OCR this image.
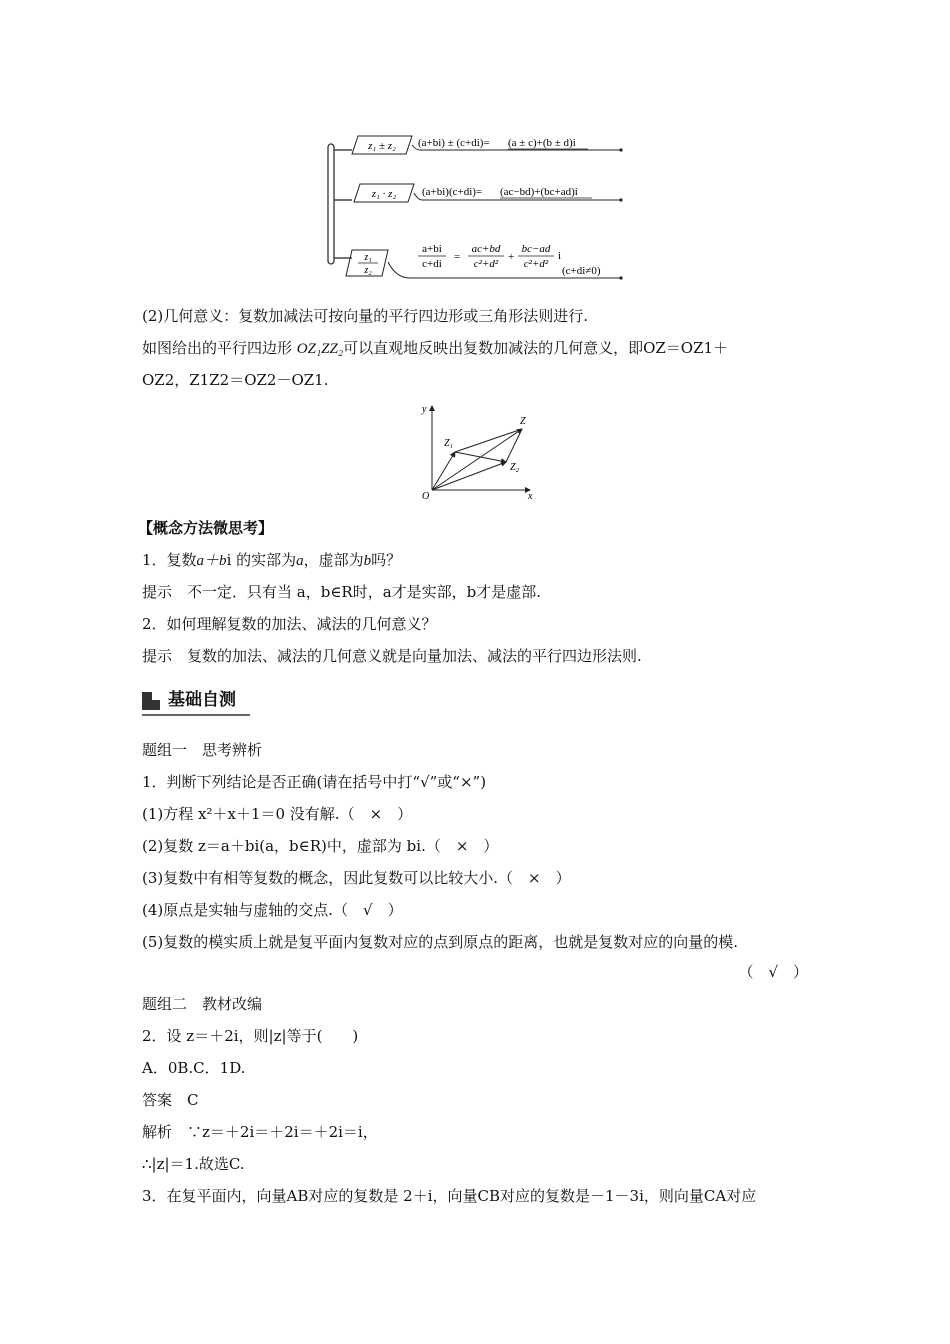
z₁ ± z₂ (a+bi) ± (c+di)= (a ± c)+(b ± d)i
z₁ · z₂ (a+bi)(c+di)= (ac−bd)+(bc+ad)i
z₁
z₂
a+bi
c+di
=
ac+bd
c²+d²
+
bc−ad
c²+d²
i
(c+di≠0)
(2)几何意义：复数加减法可按向量的平行四边形或三角形法则进行.
如图给出的平行四边形 OZ₁ZZ₂可以直观地反映出复数加减法的几何意义，即OZ＝OZ1＋
OZ2，Z1Z2＝OZ2－OZ1.
y
x
O
Z
Z₁
Z₂
【概念方法微思考】
1．复数a＋bi 的实部为a，虚部为b吗？
提示　不一定．只有当 a，b∈R时，a才是实部，b才是虚部.
2．如何理解复数的加法、减法的几何意义？
提示　复数的加法、减法的几何意义就是向量加法、减法的平行四边形法则.
基础自测
题组一　思考辨析
1．判断下列结论是否正确(请在括号中打“√”或“×”)
(1)方程 x²＋x＋1＝0 没有解.（　×　）
(2)复数 z＝a＋bi(a，b∈R)中，虚部为 bi.（　×　）
(3)复数中有相等复数的概念，因此复数可以比较大小.（　×　）
(4)原点是实轴与虚轴的交点.（　√　）
(5)复数的模实质上就是复平面内复数对应的点到原点的距离，也就是复数对应的向量的模.
（　√　）
题组二　教材改编
2．设 z＝＋2i，则|z|等于(　　)
A．0B.C．1D.
答案　C
解析　∵z＝＋2i＝＋2i＝＋2i＝i，
∴|z|＝1.故选C.
3．在复平面内，向量AB对应的复数是 2＋i，向量CB对应的复数是－1－3i，则向量CA对应
